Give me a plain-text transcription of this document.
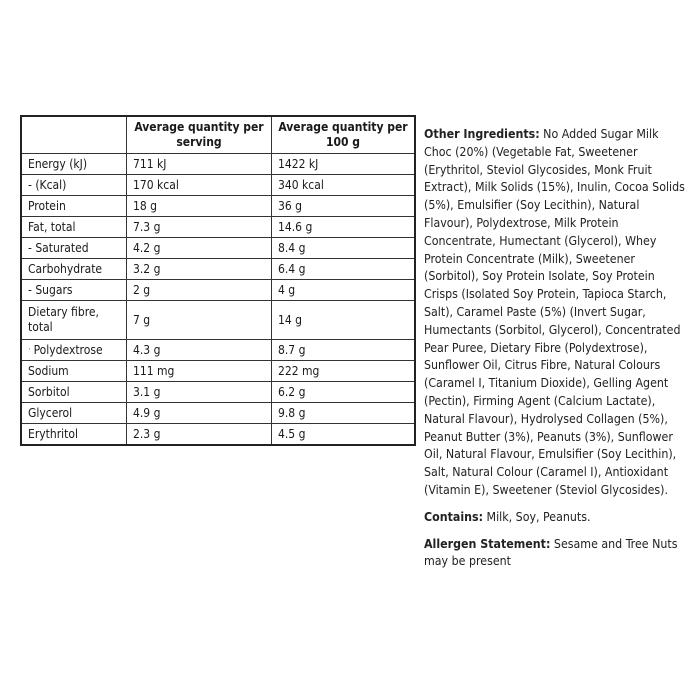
	Average quantity per serving	Average quantity per 100 g
Energy (kJ)	711 kJ	1422 kJ
- (Kcal)	170 kcal	340 kcal
Protein	18 g	36 g
Fat, total	7.3 g	14.6 g
- Saturated	4.2 g	8.4 g
Carbohydrate	3.2 g	6.4 g
- Sugars	2 g	4 g
Dietary fibre, total	7 g	14 g
· Polydextrose	4.3 g	8.7 g
Sodium	111 mg	222 mg
Sorbitol	3.1 g	6.2 g
Glycerol	4.9 g	9.8 g
Erythritol	2.3 g	4.5 g

Other Ingredients: No Added Sugar Milk Choc (20%) (Vegetable Fat, Sweetener (Erythritol, Steviol Glycosides, Monk Fruit Extract), Milk Solids (15%), Inulin, Cocoa Solids (5%), Emulsifier (Soy Lecithin), Natural Flavour), Polydextrose, Milk Protein Concentrate, Humectant (Glycerol), Whey Protein Concentrate (Milk), Sweetener (Sorbitol), Soy Protein Isolate, Soy Protein Crisps (Isolated Soy Protein, Tapioca Starch, Salt), Caramel Paste (5%) (Invert Sugar, Humectants (Sorbitol, Glycerol), Concentrated Pear Puree, Dietary Fibre (Polydextrose), Sunflower Oil, Citrus Fibre, Natural Colours (Caramel I, Titanium Dioxide), Gelling Agent (Pectin), Firming Agent (Calcium Lactate), Natural Flavour), Hydrolysed Collagen (5%), Peanut Butter (3%), Peanuts (3%), Sunflower Oil, Natural Flavour, Emulsifier (Soy Lecithin), Salt, Natural Colour (Caramel I), Antioxidant (Vitamin E), Sweetener (Steviol Glycosides).

Contains: Milk, Soy, Peanuts.

Allergen Statement: Sesame and Tree Nuts may be present
